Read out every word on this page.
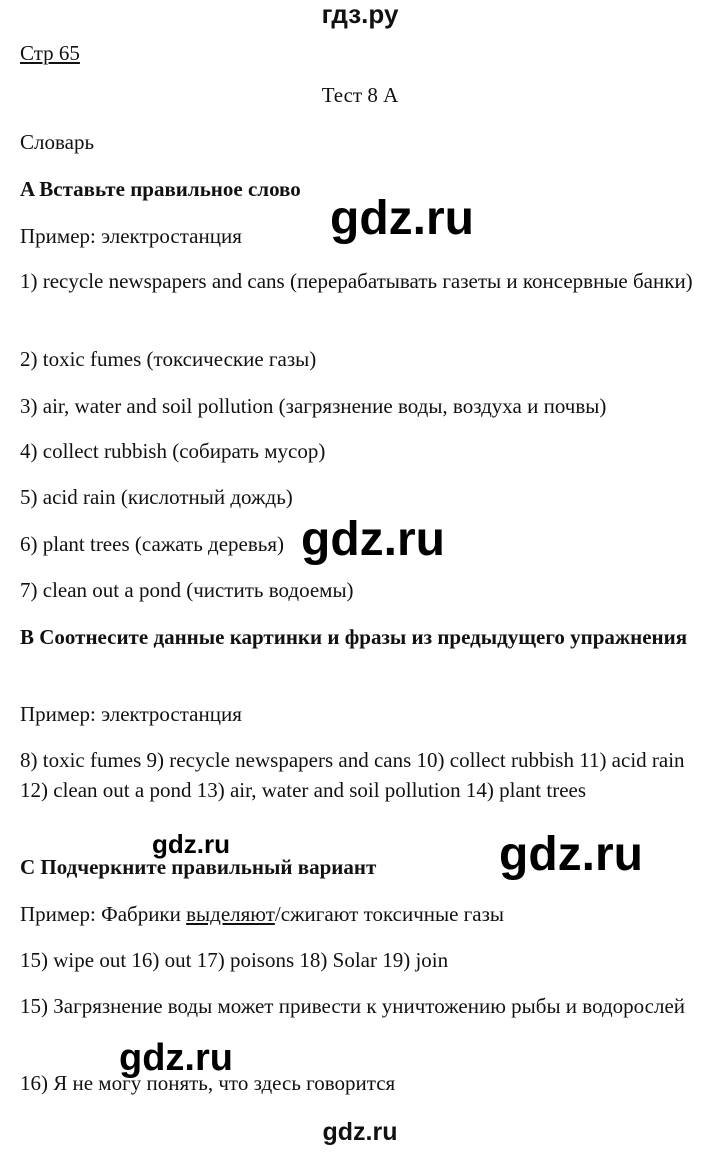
гдз.ру
Стр 65
Тест 8 А
Словарь
A Вставьте правильное слово
Пример: электростанция
1) recycle newspapers and cans (перерабатывать газеты и консервные банки)
2) toxic fumes (токсические газы)
3) air, water and soil pollution (загрязнение воды, воздуха и почвы)
4) collect rubbish (собирать мусор)
5) acid rain (кислотный дождь)
6) plant trees (сажать деревья)
7) clean out a pond (чистить водоемы)
B Соотнесите данные картинки и фразы из предыдущего упражнения
Пример: электростанция
8) toxic fumes 9) recycle newspapers and cans 10) collect rubbish 11) acid rain 12) clean out a pond 13) air, water and soil pollution 14) plant trees
C Подчеркните правильный вариант
Пример: Фабрики выделяют/сжигают токсичные газы
15) wipe out 16) out 17) poisons 18) Solar 19) join
15) Загрязнение воды может привести к уничтожению рыбы и водорослей
16) Я не могу понять, что здесь говорится
gdz.ru
gdz.ru
gdz.ru	gdz.ru
gdz.ru
gdz.ru
